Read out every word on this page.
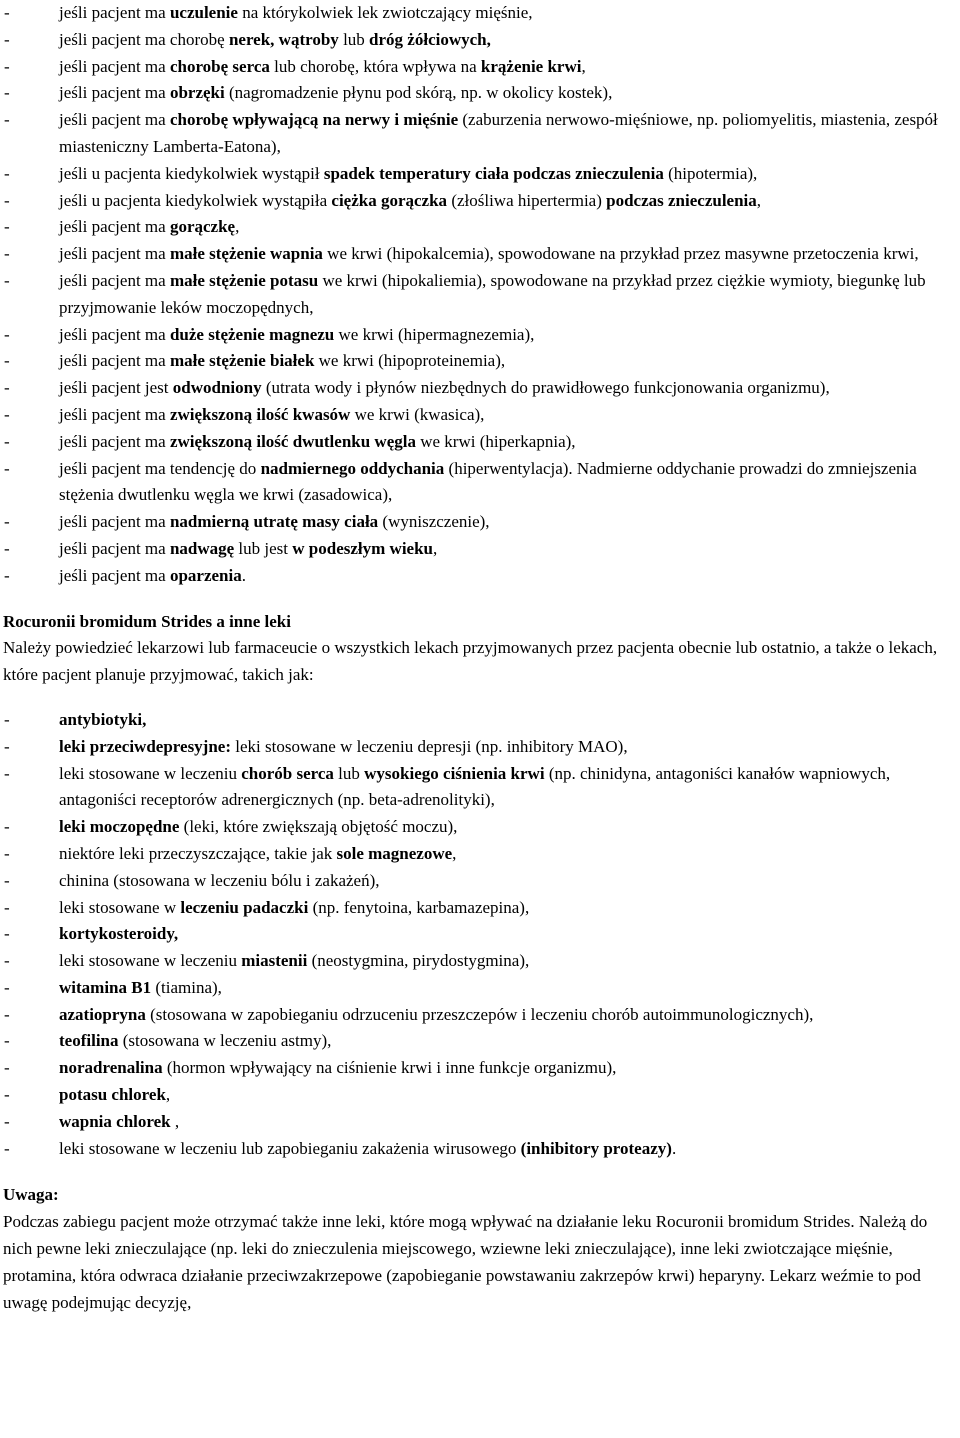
- jeśli pacjent ma uczulenie na którykolwiek lek zwiotczający mięśnie,
- jeśli pacjent ma chorobę nerek, wątroby lub dróg żółciowych,
- jeśli pacjent ma chorobę serca lub chorobę, która wpływa na krążenie krwi,
- jeśli pacjent ma obrzęki (nagromadzenie płynu pod skórą, np. w okolicy kostek),
- jeśli pacjent ma chorobę wpływającą na nerwy i mięśnie (zaburzenia nerwowo-mięśniowe, np. poliomyelitis, miastenia, zespół miasteniczny Lamberta-Eatona),
- jeśli u pacjenta kiedykolwiek wystąpił spadek temperatury ciała podczas znieczulenia (hipotermia),
- jeśli u pacjenta kiedykolwiek wystąpiła ciężka gorączka (złośliwa hipertermia) podczas znieczulenia,
- jeśli pacjent ma gorączkę,
- jeśli pacjent ma małe stężenie wapnia we krwi (hipokalcemia), spowodowane na przykład przez masywne przetoczenia krwi,
- jeśli pacjent ma małe stężenie potasu we krwi (hipokaliemia), spowodowane na przykład przez ciężkie wymioty, biegunkę lub przyjmowanie leków moczopędnych,
- jeśli pacjent ma duże stężenie magnezu we krwi (hipermagnezemia),
- jeśli pacjent ma małe stężenie białek we krwi (hipoproteinemia),
- jeśli pacjent jest odwodniony (utrata wody i płynów niezbędnych do prawidłowego funkcjonowania organizmu),
- jeśli pacjent ma zwiększoną ilość kwasów we krwi (kwasica),
- jeśli pacjent ma zwiększoną ilość dwutlenku węgla we krwi (hiperkapnia),
- jeśli pacjent ma tendencję do nadmiernego oddychania (hiperwentylacja). Nadmierne oddychanie prowadzi do zmniejszenia stężenia dwutlenku węgla we krwi (zasadowica),
- jeśli pacjent ma nadmierną utratę masy ciała (wyniszczenie),
- jeśli pacjent ma nadwagę lub jest w podeszłym wieku,
- jeśli pacjent ma oparzenia.
Rocuronii bromidum Strides a inne leki

Należy powiedzieć lekarzowi lub farmaceucie o wszystkich lekach przyjmowanych przez pacjenta obecnie lub ostatnio, a także o lekach, które pacjent planuje przyjmować, takich jak:

- antybiotyki,
- leki przeciwdepresyjne: leki stosowane w leczeniu depresji (np. inhibitory MAO),
- leki stosowane w leczeniu chorób serca lub wysokiego ciśnienia krwi (np. chinidyna, antagoniści kanałów wapniowych, antagoniści receptorów adrenergicznych (np. beta-adrenolityki),
- leki moczopędne (leki, które zwiększają objętość moczu),
- niektóre leki przeczyszczające, takie jak sole magnezowe,
- chinina (stosowana w leczeniu bólu i zakażeń),
- leki stosowane w leczeniu padaczki (np. fenytoina, karbamazepina),
- kortykosteroidy,
- leki stosowane w leczeniu miastenii (neostygmina, pirydostygmina),
- witamina B1 (tiamina),
- azatiopryna (stosowana w zapobieganiu odrzuceniu przeszczepów i leczeniu chorób autoimmunologicznych),
- teofilina (stosowana w leczeniu astmy),
- noradrenalina (hormon wpływający na ciśnienie krwi i inne funkcje organizmu),
- potasu chlorek,
- wapnia chlorek ,
- leki stosowane w leczeniu lub zapobieganiu zakażenia wirusowego (inhibitory proteazy).
Uwaga:

Podczas zabiegu pacjent może otrzymać także inne leki, które mogą wpływać na działanie leku Rocuronii bromidum Strides. Należą do nich pewne leki znieczulające (np. leki do znieczulenia miejscowego, wziewne leki znieczulające), inne leki zwiotczające mięśnie, protamina, która odwraca działanie przeciwzakrzepowe (zapobieganie powstawaniu zakrzepów krwi) heparyny. Lekarz weźmie to pod uwagę podejmując decyzję,
